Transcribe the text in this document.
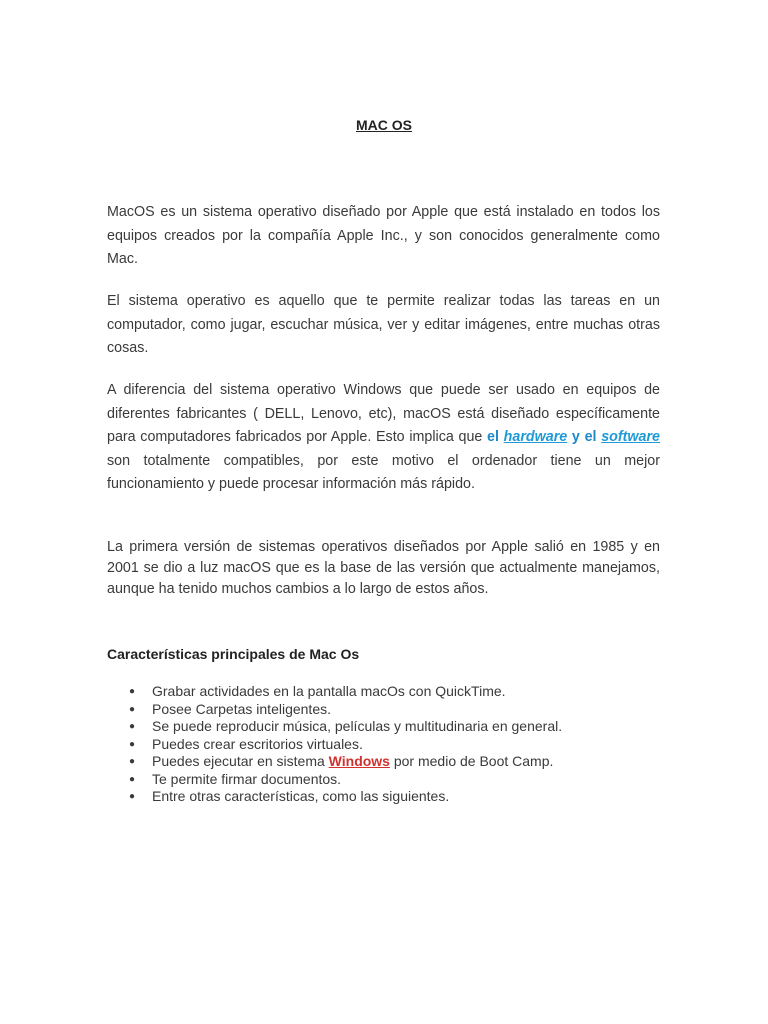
MAC OS

MacOS es un sistema operativo diseñado por Apple que está instalado en todos los equipos creados por la compañía Apple Inc., y son conocidos generalmente como Mac.

El sistema operativo es aquello que te permite realizar todas las tareas en un computador, como jugar, escuchar música, ver y editar imágenes, entre muchas otras cosas.

A diferencia del sistema operativo Windows que puede ser usado en equipos de diferentes fabricantes ( DELL, Lenovo, etc), macOS está diseñado específicamente para computadores fabricados por Apple. Esto implica que el hardware y el software son totalmente compatibles, por este motivo el ordenador tiene un mejor funcionamiento y puede procesar información más rápido.

La primera versión de sistemas operativos diseñados por Apple salió en 1985 y en 2001 se dio a luz macOS que es la base de las versión que actualmente manejamos, aunque ha tenido muchos cambios a lo largo de estos años.

Características principales de Mac Os

● Grabar actividades en la pantalla macOs con QuickTime.
● Posee Carpetas inteligentes.
● Se puede reproducir música, películas y multitudinaria en general.
● Puedes crear escritorios virtuales.
● Puedes ejecutar en sistema Windows por medio de Boot Camp.
● Te permite firmar documentos.
● Entre otras características, como las siguientes.
